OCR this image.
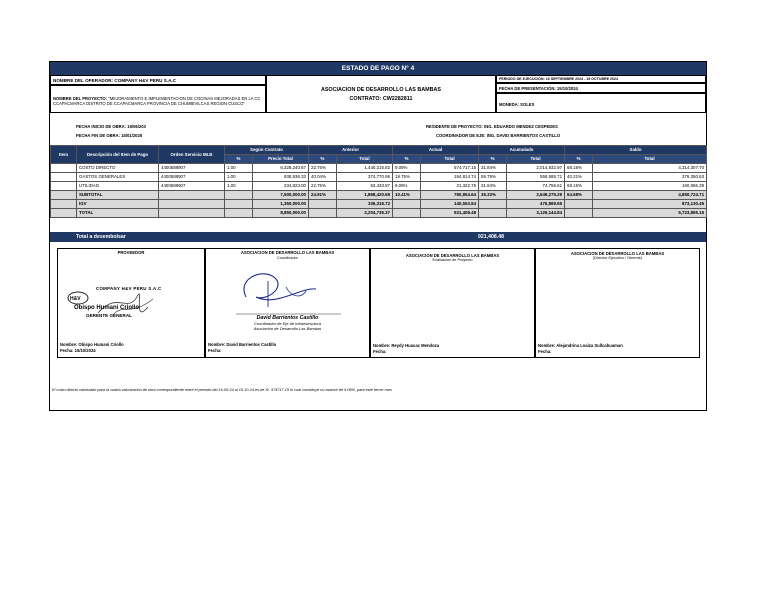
ESTADO DE PAGO N° 4
NOMBRE DEL OPERADOR: COMPANY H&V PERU S.A.C
NOMBRE DEL PROYECTO: "MEJORAMIENTO E IMPLEMENTACION DE COCINAS MEJORADAS EN LA CC CCAPACMARCA DISTRITO DE CCAPACMARCA PROVINCIA DE CHUMBIVILCAS REGION CUSCO"
ASOCIACION DE DESARROLLO LAS BAMBAS
CONTRATO: CW2282811
PERIODO DE EJECUCIÓN: 16 SEPTIEMBRE 2024 - 15 OCTUBRE 2024
FECHA DE PRESENTACIÓN: 15/10/2024
MONEDA: SOLES
FECHA INICIO DE OBRA: 19/06/203
FECHA FIN DE OBRA: 15/01/2025
RESIDENTE DE PROYECTO: ING. EDUARDO MENDEZ CESPEDES
COORDINADOR DE EJE: ING. DAVID BARRIENTOS CASTILLO
Item	Descripción del Item de Pago	Orden Servicio MLB	Según Contrato		Anterior		Actual		Acumulado		Saldo	
			%	Precio Total	%	Total	%	Total	%	Total	%	Total
	COSTO DIRECTO	4400588907	1.00	6,328,240.67	22.75%	1,440,215.82	9.08%	574,717.15	31.84%	2,014,932.97	68.16%	4,314,307.70
	GASTOS GENERALES	4400588907	1.00	935,936.33	40.04%	374,770.96	19.75%	184,814.74	59.79%	559,585.71	40.21%	376,350.63
	UTILIDAD	4400588907	1.00	234,823.00	22.75%	53,433.87	9.08%	21,322.75	31.84%	74,756.61	68.16%	160,066.39
	SUBTOTAL			7,500,000.00	24.91%	1,868,420.65	10.41%	780,854.64	35.32%	2,649,275.29	64.68%	4,850,724.71
	IGV			1,350,000.00		336,315.72		140,553.84		476,869.55		873,130.45
	TOTAL			8,850,000.00		2,204,736.37		921,408.48		3,126,144.84		5,723,855.16
Total a desembolsar	921,408.48
PROVEEDOR
H&V
COMPANY H&V PERU S.A.C
Obispo Humani Criollo
GERENTE GENERAL
Nombre: Obispo Humani Criollo
Fecha: 15/10/2024
ASOCIACION DE DESARROLLO LAS BAMBAS
Coordinador
David Barrientos Castillo
Coordinador de Eje de Infraestructura
Asociación de Desarrollo Las Bambas
Nombre: David Barrientos Castillo
Fecha:
ASOCIACION DE DESARROLLO LAS BAMBAS
Evaluación de Proyecto
Nombre: Reydy Huacac Mendoza
Fecha:
ASOCIACION DE DESARROLLO LAS BAMBAS
(Director Ejecutivo / Gerente)
Nombre: Alejandrina Loaiza Sullcahuaman
Fecha:
El costo directo valorizado para la cuarta valorización de obra correspondiente entre el periodo del 16-09-24 al 15-10-24 es de S/. 574717.15 lo cual constituye un avance de 9.08%, para este tercer mes
